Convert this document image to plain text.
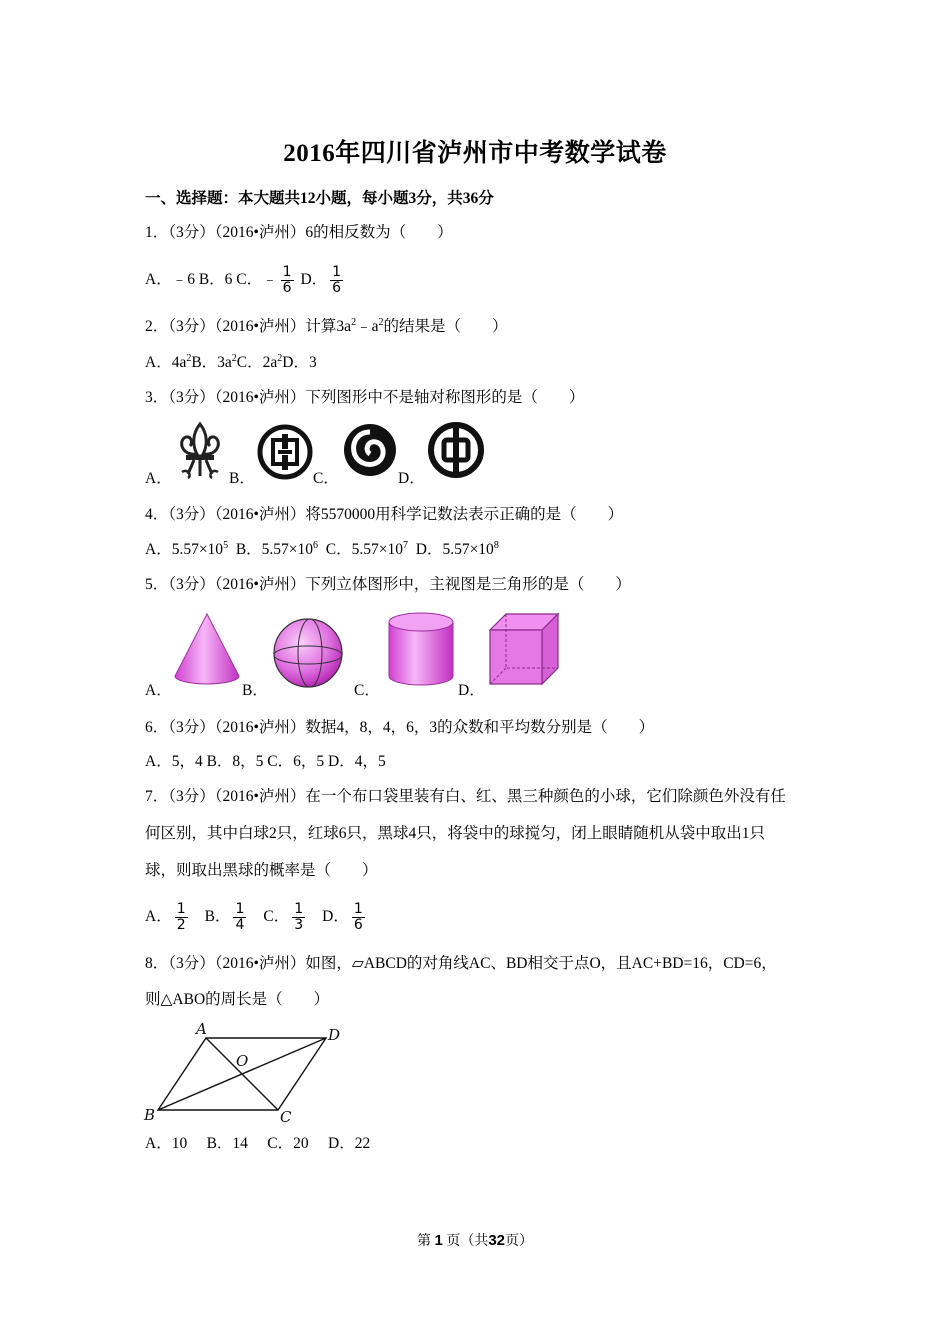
2016年四川省泸州市中考数学试卷
一、选择题：本大题共12小题，每小题3分，共36分
1．（3分）（2016•泸州）6的相反数为（　　）
A．﹣6 B．6 C．﹣ $\frac{1}{6}$ D． $\frac{1}{6}$
2．（3分）（2016•泸州）计算$3a^2﹣a^2$的结果是（　　）
A．$4a^2B$．$3a^2C$．$2a^2D$．3
3．（3分）（2016•泸州）下列图形中不是轴对称图形的是（　　）
A．	B．	C．	D．
4．（3分）（2016•泸州）将5570000用科学记数法表示正确的是（　　）
A．$5.57\times 10^5$ B．$5.57\times 10^6$ C．$5.57\times 10^7$ D．$5.57\times 10^8$
5．（3分）（2016•泸州）下列立体图形中，主视图是三角形的是（　　）
A．	B．	C．	D．
6．（3分）（2016•泸州）数据4，8，4，6，3的众数和平均数分别是（　　）
A．5，4 B．8，5 C．6，5 D．4，5
7．（3分）（2016•泸州）在一个布口袋里装有白、红、黑三种颜色的小球，它们除颜色外没有任
何区别，其中白球2只，红球6只，黑球4只，将袋中的球搅匀，闭上眼睛随机从袋中取出1只
球，则取出黑球的概率是（　　）
A． $\frac{1}{2}$ B． $\frac{1}{4}$ C． $\frac{1}{3}$ D． $\frac{1}{6}$
8．（3分）（2016•泸州）如图，▱ABCD的对角线AC、BD相交于点O，且AC+BD=16，CD=6，
则△ABO的周长是（　　）
A	D
B	C
O
A．10　 B．14　 C．20　 D．22
第 1 页（共32页）
